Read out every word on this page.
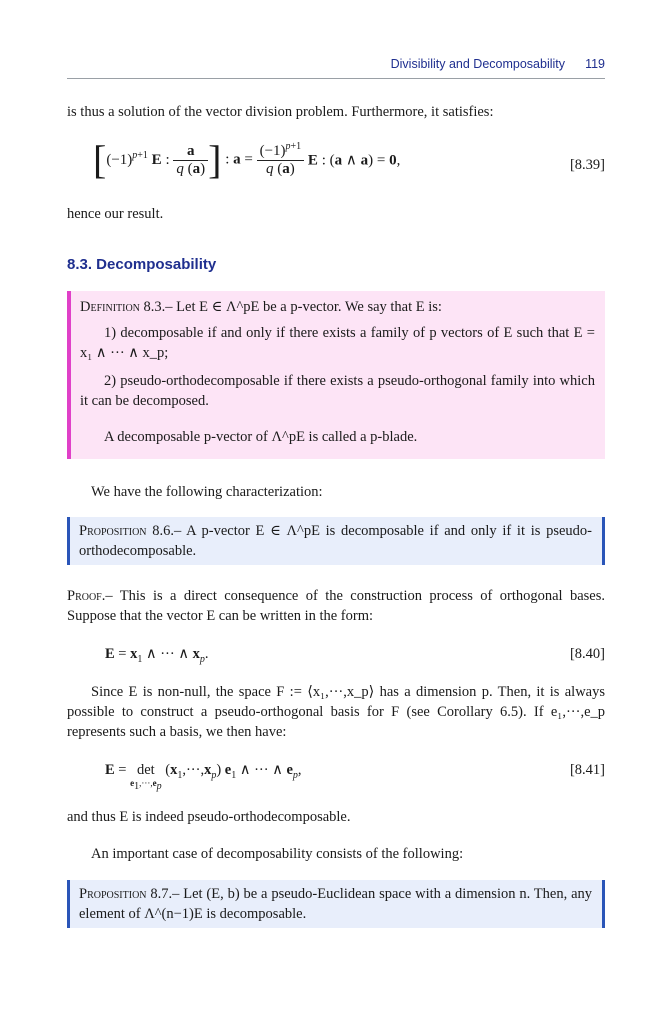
Divisibility and Decomposability 119
is thus a solution of the vector division problem. Furthermore, it satisfies:
[$(-1)^{p+1}$ E : $\frac{a}{q (a)}$ ] : $a = \frac{(-1)^{p+1}}{q (a)}$ E : (a ∧ a) = 0,	[8.39]
hence our result.
8.3. Decomposability
Definition 8.3.– Let E ∈ Λ^pE be a p-vector. We say that E is:
1) decomposable if and only if there exists a family of p vectors of E such that E = x₁ ∧ ··· ∧ x_p;
2) pseudo-orthodecomposable if there exists a pseudo-orthogonal family into which it can be decomposed.
A decomposable p-vector of Λ^pE is called a p-blade.
We have the following characterization:
Proposition 8.6.– A p-vector E ∈ Λ^pE is decomposable if and only if it is pseudo-orthodecomposable.
Proof.– This is a direct consequence of the construction process of orthogonal bases. Suppose that the vector E can be written in the form:
$E = x_1$ ∧ ··· ∧ $x_p$.	[8.40]
Since E is non-null, the space F := ⟨x₁,···,x_p⟩ has a dimension p. Then, it is always possible to construct a pseudo-orthogonal basis for F (see Corollary 6.5). If e₁,···,e_p represents such a basis, we then have:
E = det

$e_1,\cdot\cdot\cdot,e_p$
$(x_1,\cdot\cdot\cdot,x_p)$ $e_1$ ∧ ··· ∧ $e_p$,	[8.41]
and thus E is indeed pseudo-orthodecomposable.
An important case of decomposability consists of the following:
Proposition 8.7.– Let (E, b) be a pseudo-Euclidean space with a dimension n. Then, any element of Λ^(n−1)E is decomposable.
